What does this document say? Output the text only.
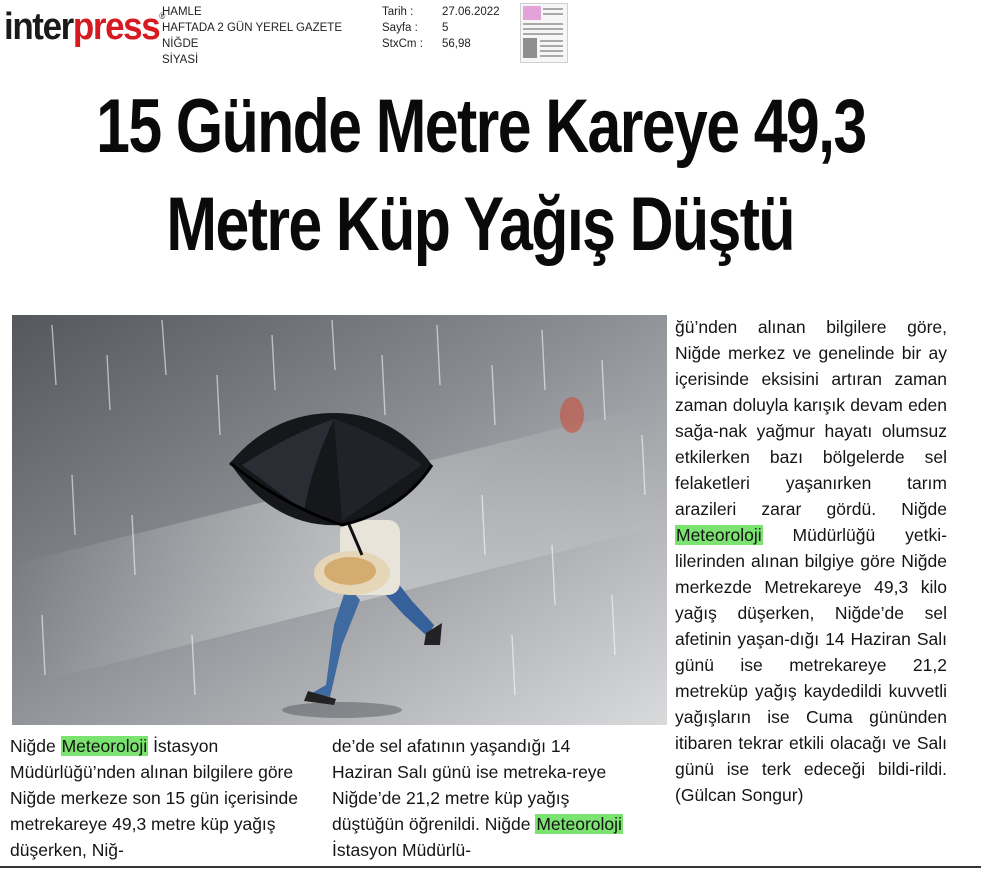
interpress®
HAMLE
HAFTADA 2 GÜN YEREL GAZETE
NİĞDE
SİYASİ
Tarih :	27.06.2022
Sayfa :	5
StxCm :	56,98
15 Günde Metre Kareye 49,3
Metre Küp Yağış Düştü

Niğde Meteoroloji İstasyon Müdürlüğü’nden alınan bilgilere göre Niğde merkeze son 15 gün içerisinde metrekareye 49,3 metre küp yağış düşerken, Niğ-

de’de sel afatının yaşandığı 14 Haziran Salı günü ise metreka-reye Niğde’de 21,2 metre küp yağış düştüğün öğrenildi. Niğde Meteoroloji İstasyon Müdürlü-

ğü’nden alınan bilgilere göre, Niğde merkez ve genelinde bir ay içerisinde eksisini artıran zaman zaman doluyla karışık devam eden sağa-nak yağmur hayatı olumsuz etkilerken bazı bölgelerde sel felaketleri yaşanırken tarım arazileri zarar gördü. Niğde Meteoroloji Müdürlüğü yetki-lilerinden alınan bilgiye göre Niğde merkezde Metrekareye 49,3 kilo yağış düşerken, Niğde’de sel afetinin yaşan-dığı 14 Haziran Salı günü ise metrekareye 21,2 metreküp yağış kaydedildi kuvvetli yağışların ise Cuma gününden itibaren tekrar etkili olacağı ve Salı günü ise terk edeceği bildi-rildi.(Gülcan Songur)
